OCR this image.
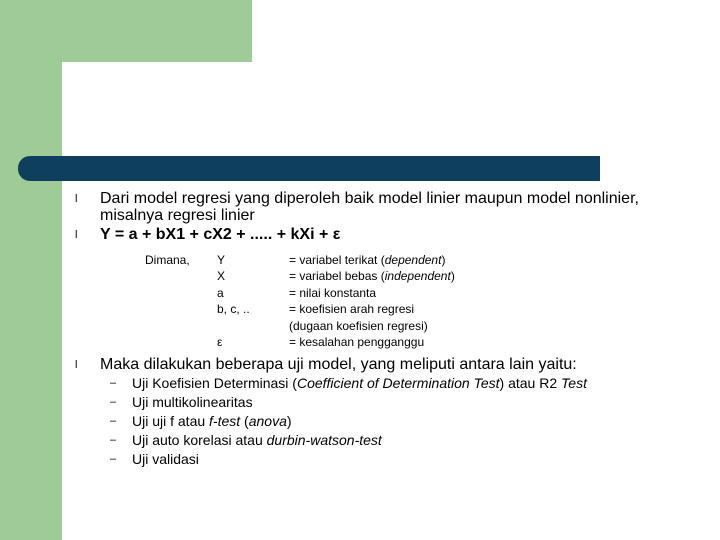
l Dari model regresi yang diperoleh baik model linier maupun model nonlinier, misalnya regresi linier
l Y = a + bX1 + cX2 + ..... + kXi + ε
Dimana, Y
X
a
b, c, ..

ε
= variabel terikat (dependent)
= variabel bebas (independent)
= nilai konstanta
= koefisien arah regresi
(dugaan koefisien regresi)
= kesalahan pengganggu
l Maka dilakukan beberapa uji model, yang meliputi antara lain yaitu:
– Uji Koefisien Determinasi (Coefficient of Determination Test) atau R2 Test
– Uji multikolinearitas
– Uji uji f atau f-test (anova)
– Uji auto korelasi atau durbin-watson-test
– Uji validasi
